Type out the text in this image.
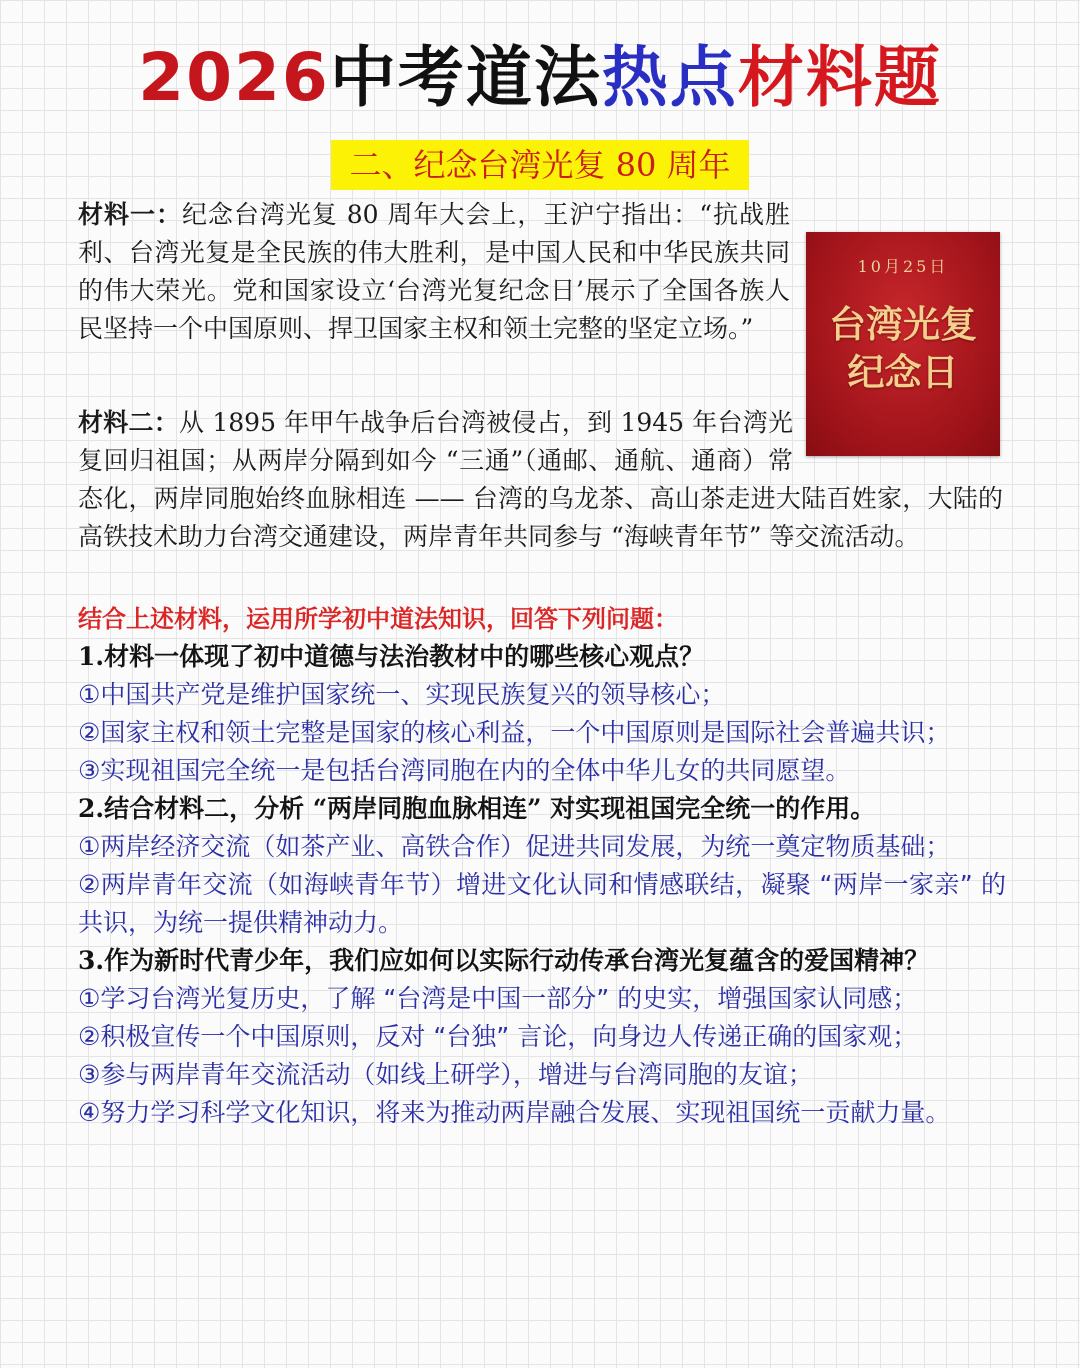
2026中考道法热点材料题
二、纪念台湾光复 80 周年
材料一：纪念台湾光复 80 周年大会上，王沪宁指出：“抗战胜利、台湾光复是全民族的伟大胜利，是中国人民和中华民族共同的伟大荣光。党和国家设立‘台湾光复纪念日’展示了全国各族人民坚持一个中国原则、捍卫国家主权和领土完整的坚定立场。”
材料二：从 1895 年甲午战争后台湾被侵占，到 1945 年台湾光复回归祖国；从两岸分隔到如今 “三通”（通邮、通航、通商）常态化，两岸同胞始终血脉相连 —— 台湾的乌龙茶、高山茶走进大陆百姓家，大陆的高铁技术助力台湾交通建设，两岸青年共同参与 “海峡青年节” 等交流活动。
10月25日
台湾光复
纪念日

结合上述材料，运用所学初中道法知识，回答下列问题：

1.材料一体现了初中道德与法治教材中的哪些核心观点？

①中国共产党是维护国家统一、实现民族复兴的领导核心；

②国家主权和领土完整是国家的核心利益，一个中国原则是国际社会普遍共识；

③实现祖国完全统一是包括台湾同胞在内的全体中华儿女的共同愿望。

2.结合材料二，分析 “两岸同胞血脉相连” 对实现祖国完全统一的作用。

①两岸经济交流（如茶产业、高铁合作）促进共同发展，为统一奠定物质基础；

②两岸青年交流（如海峡青年节）增进文化认同和情感联结，凝聚 “两岸一家亲” 的共识，为统一提供精神动力。

3.作为新时代青少年，我们应如何以实际行动传承台湾光复蕴含的爱国精神？

①学习台湾光复历史，了解 “台湾是中国一部分” 的史实，增强国家认同感；

②积极宣传一个中国原则，反对 “台独” 言论，向身边人传递正确的国家观；

③参与两岸青年交流活动（如线上研学），增进与台湾同胞的友谊；

④努力学习科学文化知识，将来为推动两岸融合发展、实现祖国统一贡献力量。
